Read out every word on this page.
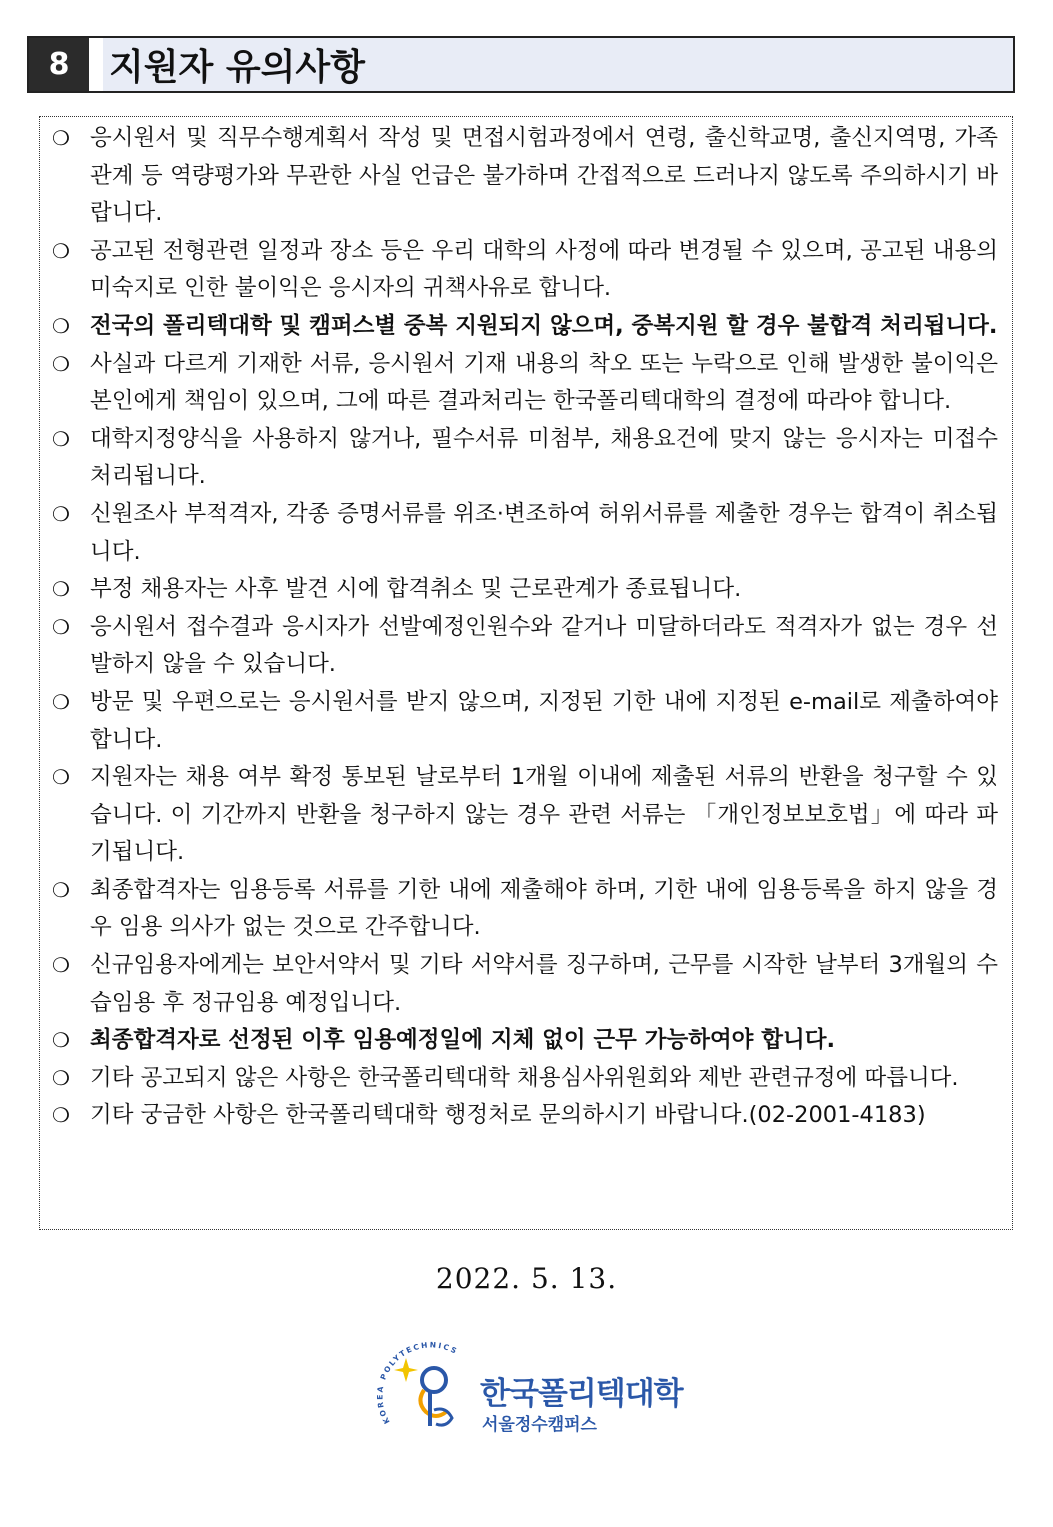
8	지원자 유의사항
❍ 응시원서 및 직무수행계획서 작성 및 면접시험과정에서 연령, 출신학교명, 출신지역명, 가족관계 등 역량평가와 무관한 사실 언급은 불가하며 간접적으로 드러나지 않도록 주의하시기 바랍니다.
❍ 공고된 전형관련 일정과 장소 등은 우리 대학의 사정에 따라 변경될 수 있으며, 공고된 내용의 미숙지로 인한 불이익은 응시자의 귀책사유로 합니다.
❍ 전국의 폴리텍대학 및 캠퍼스별 중복 지원되지 않으며, 중복지원 할 경우 불합격 처리됩니다.
❍ 사실과 다르게 기재한 서류, 응시원서 기재 내용의 착오 또는 누락으로 인해 발생한 불이익은 본인에게 책임이 있으며, 그에 따른 결과처리는 한국폴리텍대학의 결정에 따라야 합니다.
❍ 대학지정양식을 사용하지 않거나, 필수서류 미첨부, 채용요건에 맞지 않는 응시자는 미접수 처리됩니다.
❍ 신원조사 부적격자, 각종 증명서류를 위조·변조하여 허위서류를 제출한 경우는 합격이 취소됩니다.
❍ 부정 채용자는 사후 발견 시에 합격취소 및 근로관계가 종료됩니다.
❍ 응시원서 접수결과 응시자가 선발예정인원수와 같거나 미달하더라도 적격자가 없는 경우 선발하지 않을 수 있습니다.
❍ 방문 및 우편으로는 응시원서를 받지 않으며, 지정된 기한 내에 지정된 e-mail로 제출하여야 합니다.
❍ 지원자는 채용 여부 확정 통보된 날로부터 1개월 이내에 제출된 서류의 반환을 청구할 수 있습니다. 이 기간까지 반환을 청구하지 않는 경우 관련 서류는 「개인정보보호법」에 따라 파기됩니다.
❍ 최종합격자는 임용등록 서류를 기한 내에 제출해야 하며, 기한 내에 임용등록을 하지 않을 경우 임용 의사가 없는 것으로 간주합니다.
❍ 신규임용자에게는 보안서약서 및 기타 서약서를 징구하며, 근무를 시작한 날부터 3개월의 수습임용 후 정규임용 예정입니다.
❍ 최종합격자로 선정된 이후 임용예정일에 지체 없이 근무 가능하여야 합니다.
❍ 기타 공고되지 않은 사항은 한국폴리텍대학 채용심사위원회와 제반 관련규정에 따릅니다.
❍ 기타 궁금한 사항은 한국폴리텍대학 행정처로 문의하시기 바랍니다.(02-2001-4183)
2022. 5. 13.
KOREA POLYTECHNICS
한국폴리텍대학
서울정수캠퍼스
